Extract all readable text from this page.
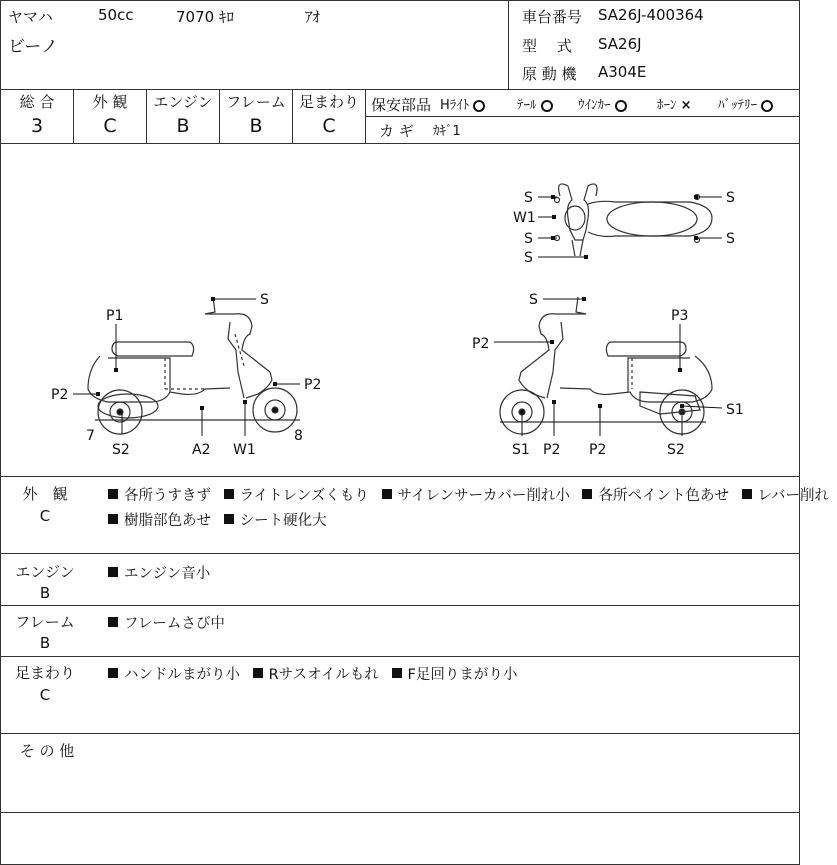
ヤマハ	50cc	7070 ｷﾛ	ｱｵ
ビーノ
車台番号 SA26J-400364
型　 式 SA26J
原 動 機 A304E
総 合
3
外 観
C
エンジン
B
フレーム
B
足まわり
C
保安部品 Hﾗｲﾄ	ﾃｰﾙ	ｳｲﾝｶｰ	ﾎｰﾝ × ﾊﾞｯﾃﾘｰ
カ ギ ｶｷﾞ1
S
W1
S
S
S
S
S
P1
P2
P2
7
S2	A2 W1
8
S
P2
P3
S1
S1 P2 P2	S2
外　観
C
各所うすきず ライトレンズくもり サイレンサーカバー削れ小 各所ペイント色あせ レバー削れ
樹脂部色あせ シート硬化大
エンジン
B
エンジン音小
フレーム
B
フレームさび中
足まわり
C
ハンドルまがり小 Rサスオイルもれ F足回りまがり小
そ の 他
